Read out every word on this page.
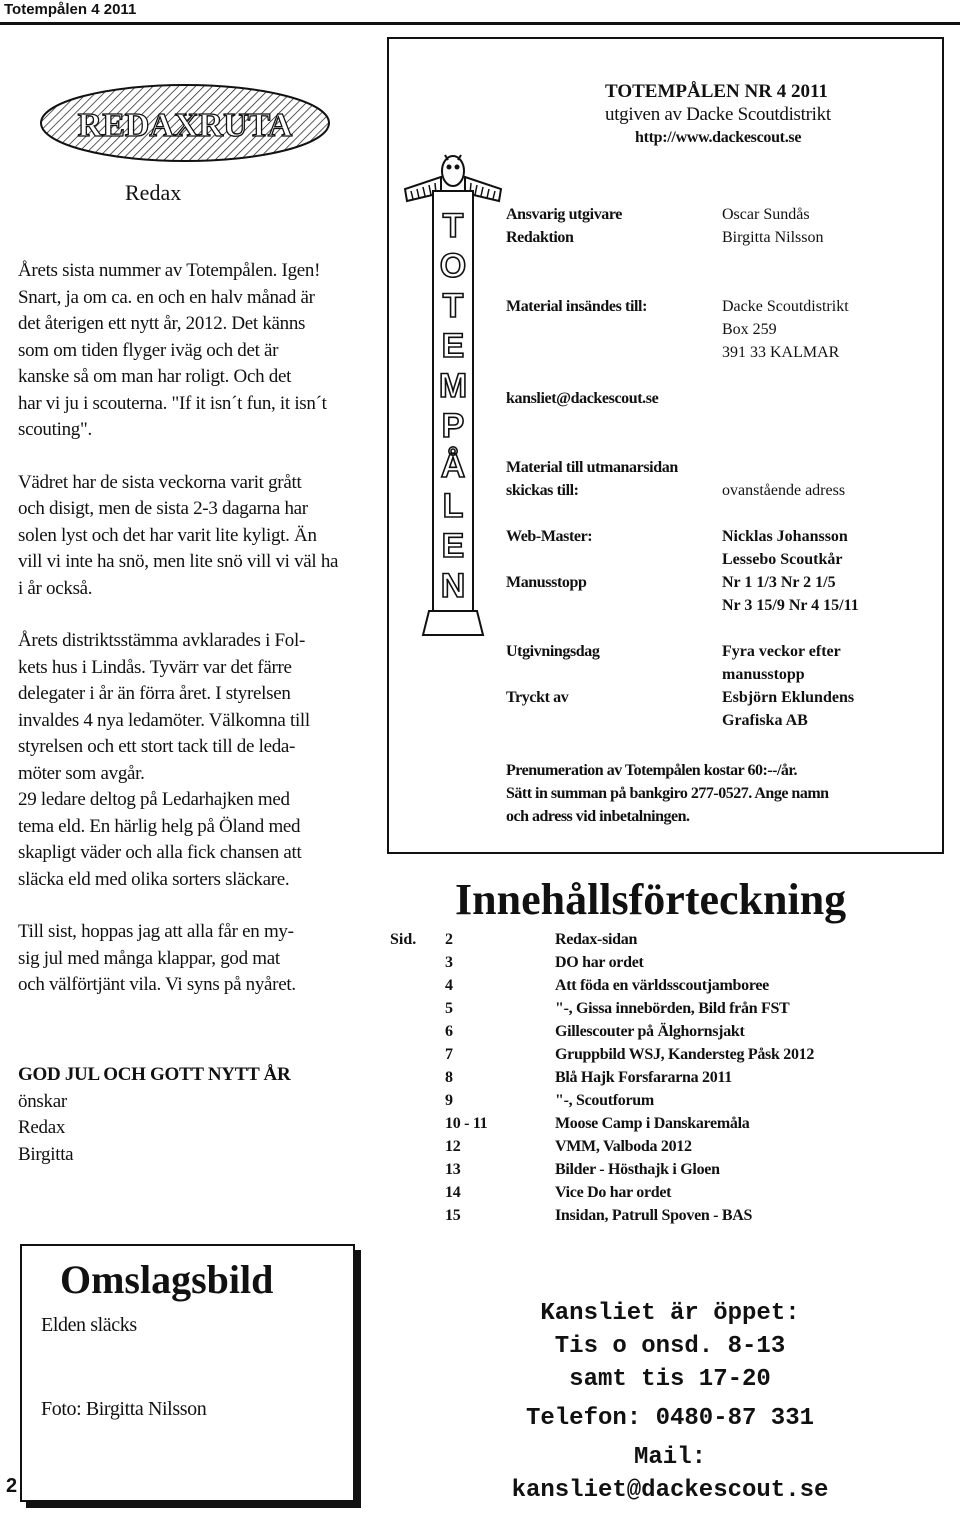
Totempålen 4 2011
REDAXRUTA
Redax

Årets sista nummer av Totempålen. Igen!

Snart, ja om ca. en och en halv månad är

det återigen ett nytt år, 2012. Det känns

som om tiden flyger iväg och det är

kanske så om man har roligt. Och det

har vi ju i scouterna. "If it isn´t fun, it isn´t

scouting".

Vädret har de sista veckorna varit grått

och disigt, men de sista 2-3 dagarna har

solen lyst och det har varit lite kyligt. Än

vill vi inte ha snö, men lite snö vill vi väl ha

i år också.

Årets distriktsstämma avklarades i Fol-

kets hus i Lindås. Tyvärr var det färre

delegater i år än förra året. I styrelsen

invaldes 4 nya ledamöter. Välkomna till

styrelsen och ett stort tack till de leda-

möter som avgår.

29 ledare deltog på Ledarhajken med

tema eld. En härlig helg på Öland med

skapligt väder och alla fick chansen att

släcka eld med olika sorters släckare.

Till sist, hoppas jag att alla får en my-

sig jul med många klappar, god mat

och välförtjänt vila. Vi syns på nyåret.

GOD JUL OCH GOTT NYTT ÅR

önskar

Redax

Birgitta

Omslagsbild
Elden släcks
Foto: Birgitta Nilsson
2
TOTEMPÅLEN NR 4 2011
utgiven av Dacke Scoutdistrikt
http://www.dackescout.se
T
O
T
E
M
P
Å
L
E
N
Ansvarig utgivare	Oscar Sundås
Redaktion	Birgitta Nilsson
Material insändes till:	Dacke Scoutdistrikt
Box 259
391 33 KALMAR
kansliet@dackescout.se
Material till utmanarsidan
skickas till:	ovanstående adress
Web-Master:	Nicklas Johansson
Lessebo Scoutkår
Manusstopp	Nr 1 1/3 Nr 2 1/5
Nr 3 15/9 Nr 4 15/11
Utgivningsdag	Fyra veckor efter
manusstopp
Tryckt av	Esbjörn Eklundens
Grafiska AB
Prenumeration av Totempålen kostar 60:--/år.
Sätt in summan på bankgiro 277-0527. Ange namn
och adress vid inbetalningen.
Innehållsförteckning
Sid. 2	Redax-sidan
3	DO har ordet
4	Att föda en världsscoutjamboree
5	"-, Gissa innebörden, Bild från FST
6	Gillescouter på Älghornsjakt
7	Gruppbild WSJ, Kandersteg Påsk 2012
8	Blå Hajk Forsfararna 2011
9	"-, Scoutforum
10 - 11	Moose Camp i Danskaremåla
12	VMM, Valboda 2012
13	Bilder - Hösthajk i Gloen
14	Vice Do har ordet
15	Insidan, Patrull Spoven - BAS
Kansliet är öppet:
Tis o onsd. 8-13
samt tis 17-20
Telefon: 0480-87 331
Mail: kansliet@dackescout.se
